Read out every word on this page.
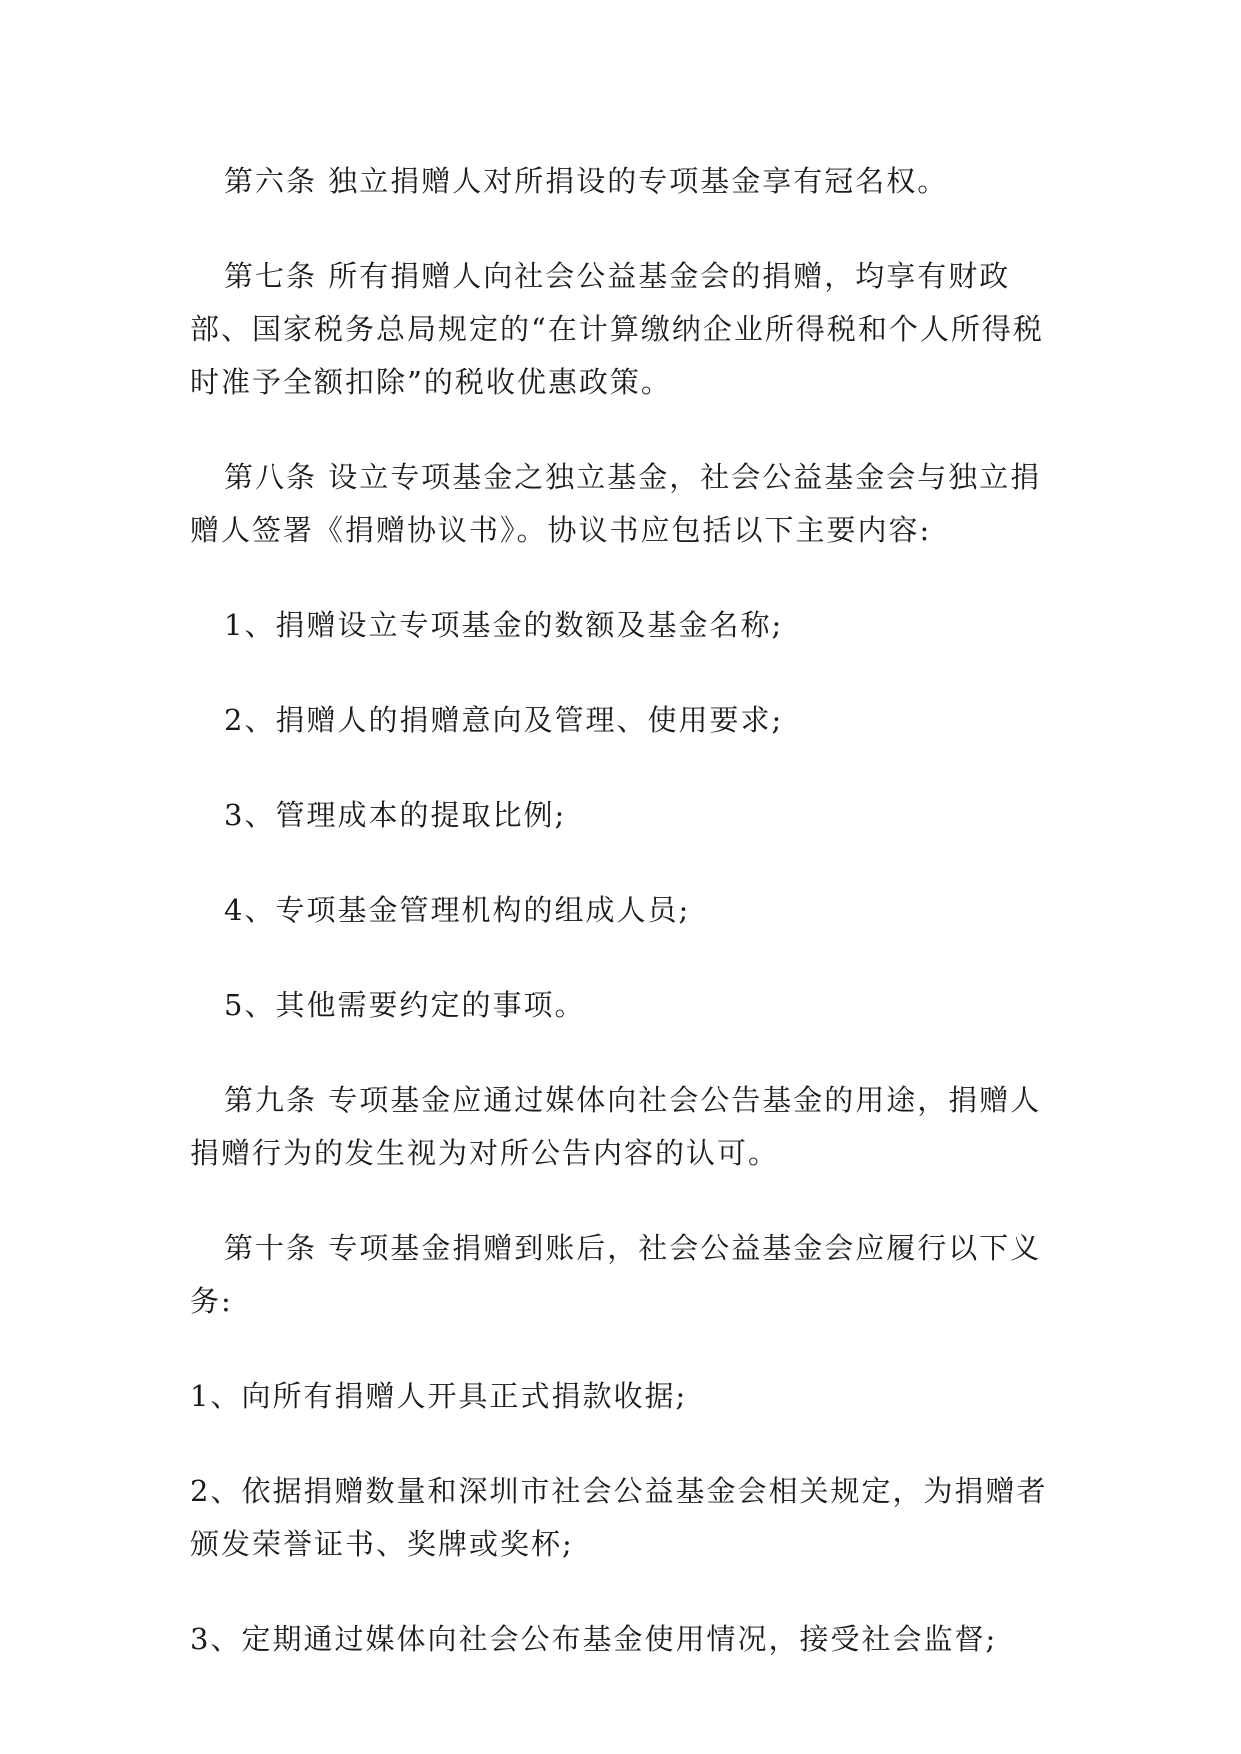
第六条 独立捐赠人对所捐设的专项基金享有冠名权。

第七条 所有捐赠人向社会公益基金会的捐赠，均享有财政部、国家税务总局规定的“在计算缴纳企业所得税和个人所得税时准予全额扣除”的税收优惠政策。

第八条 设立专项基金之独立基金，社会公益基金会与独立捐赠人签署《捐赠协议书》。协议书应包括以下主要内容:

1、捐赠设立专项基金的数额及基金名称;

2、捐赠人的捐赠意向及管理、使用要求;

3、管理成本的提取比例;

4、专项基金管理机构的组成人员;

5、其他需要约定的事项。

第九条 专项基金应通过媒体向社会公告基金的用途，捐赠人捐赠行为的发生视为对所公告内容的认可。

第十条 专项基金捐赠到账后，社会公益基金会应履行以下义务:

1、向所有捐赠人开具正式捐款收据;

2、依据捐赠数量和深圳市社会公益基金会相关规定，为捐赠者颁发荣誉证书、奖牌或奖杯;

3、定期通过媒体向社会公布基金使用情况，接受社会监督;
